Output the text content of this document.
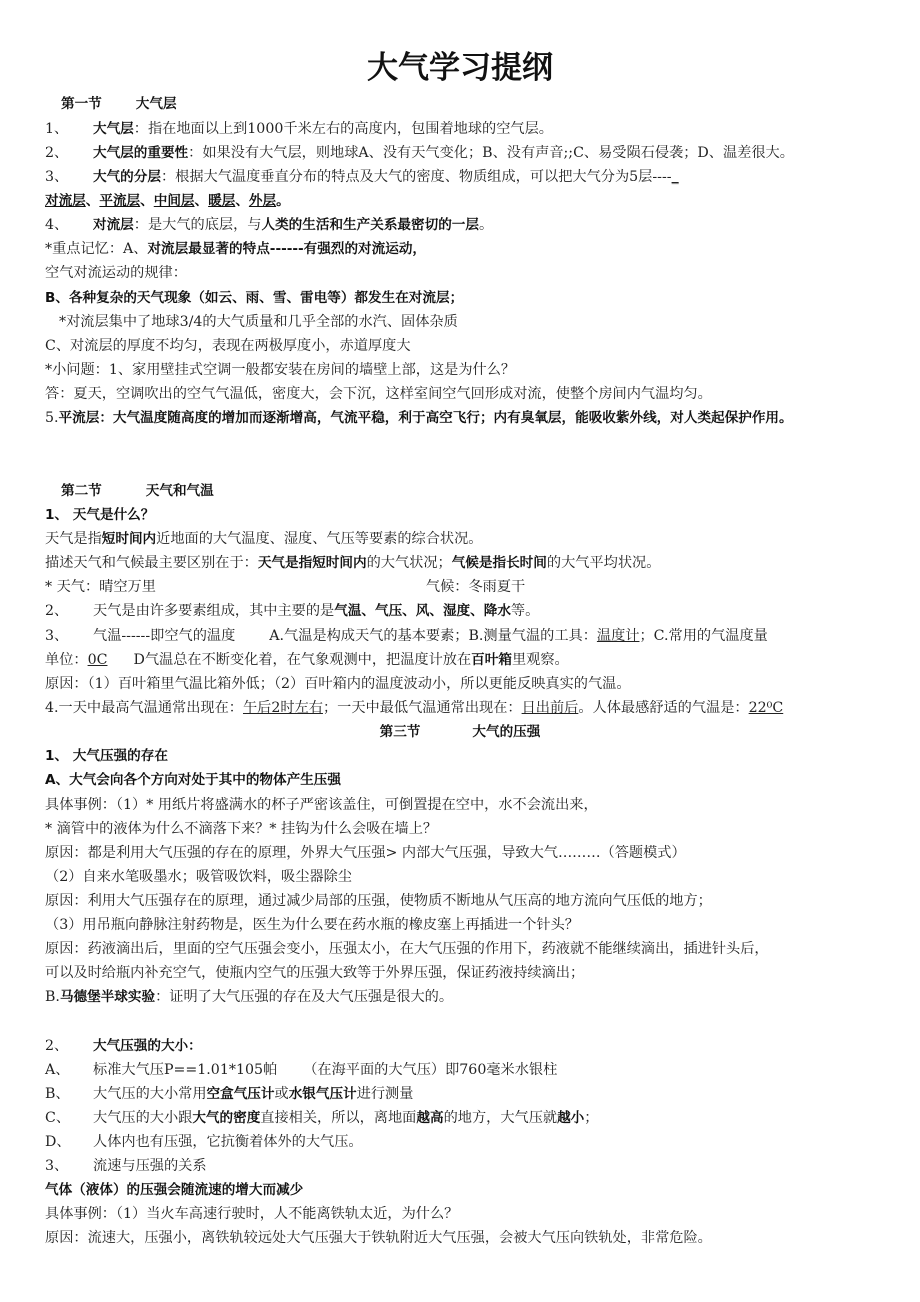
大气学习提纲
第一节	大气层
1、 大气层：指在地面以上到1000千米左右的高度内，包围着地球的空气层。
2、 大气层的重要性：如果没有大气层，则地球A、没有天气变化；B、没有声音;;C、易受陨石侵袭；D、温差很大。
3、 大气的分层：根据大气温度垂直分布的特点及大气的密度、物质组成，可以把大气分为5层----_
对流层、平流层、中间层、暖层、外层。
4、 对流层：是大气的底层，与人类的生活和生产关系最密切的一层。
*重点记忆：A、对流层最显著的特点------有强烈的对流运动，
空气对流运动的规律：
B、各种复杂的天气现象（如云、雨、雪、雷电等）都发生在对流层；
*对流层集中了地球3/4的大气质量和几乎全部的水汽、固体杂质
C、对流层的厚度不均匀，表现在两极厚度小，赤道厚度大
*小问题：1、家用壁挂式空调一般都安装在房间的墙壁上部，这是为什么？
答：夏天，空调吹出的空气气温低，密度大，会下沉，这样室间空气回形成对流，使整个房间内气温均匀。
5.平流层：大气温度随高度的增加而逐渐增高，气流平稳，利于高空飞行；内有臭氧层，能吸收紫外线，对人类起保护作用。
第二节	天气和气温
1、 天气是什么？
天气是指短时间内近地面的大气温度、湿度、气压等要素的综合状况。
描述天气和气候最主要区别在于：天气是指短时间内的大气状况；气候是指长时间的大气平均状况。
* 天气：晴空万里	气候：冬雨夏干
2、 天气是由许多要素组成，其中主要的是气温、气压、风、湿度、降水等。
3、 气温------即空气的温度 A.气温是构成天气的基本要素；B.测量气温的工具：温度计；C.常用的气温度量
单位：0C D气温总在不断变化着，在气象观测中，把温度计放在百叶箱里观察。
原因：（1）百叶箱里气温比箱外低；（2）百叶箱内的温度波动小，所以更能反映真实的气温。
4.一天中最高气温通常出现在：午后2时左右；一天中最低气温通常出现在：日出前后。人体最感舒适的气温是：22⁰C
第三节	大气的压强
1、 大气压强的存在
A、大气会向各个方向对处于其中的物体产生压强
具体事例：（1）* 用纸片将盛满水的杯子严密该盖住，可倒置提在空中，水不会流出来，
* 滴管中的液体为什么不滴落下来？* 挂钩为什么会吸在墙上？
原因：都是利用大气压强的存在的原理，外界大气压强> 内部大气压强，导致大气………（答题模式）
（2）自来水笔吸墨水；吸管吸饮料，吸尘器除尘
原因：利用大气压强存在的原理，通过减少局部的压强，使物质不断地从气压高的地方流向气压低的地方；
（3）用吊瓶向静脉注射药物是，医生为什么要在药水瓶的橡皮塞上再插进一个针头？
原因：药液滴出后，里面的空气压强会变小，压强太小，在大气压强的作用下，药液就不能继续滴出，插进针头后，
可以及时给瓶内补充空气，使瓶内空气的压强大致等于外界压强，保证药液持续滴出；
B.马德堡半球实验：证明了大气压强的存在及大气压强是很大的。
2、 大气压强的大小：
A、 标准大气压P==1.01*105帕 （在海平面的大气压）即760毫米水银柱
B、 大气压的大小常用空盒气压计或水银气压计进行测量
C、 大气压的大小跟大气的密度直接相关，所以，离地面越高的地方，大气压就越小；
D、 人体内也有压强，它抗衡着体外的大气压。
3、 流速与压强的关系
气体（液体）的压强会随流速的增大而减少
具体事例：（1）当火车高速行驶时，人不能离铁轨太近，为什么？
原因：流速大，压强小，离铁轨较远处大气压强大于铁轨附近大气压强，会被大气压向铁轨处，非常危险。
